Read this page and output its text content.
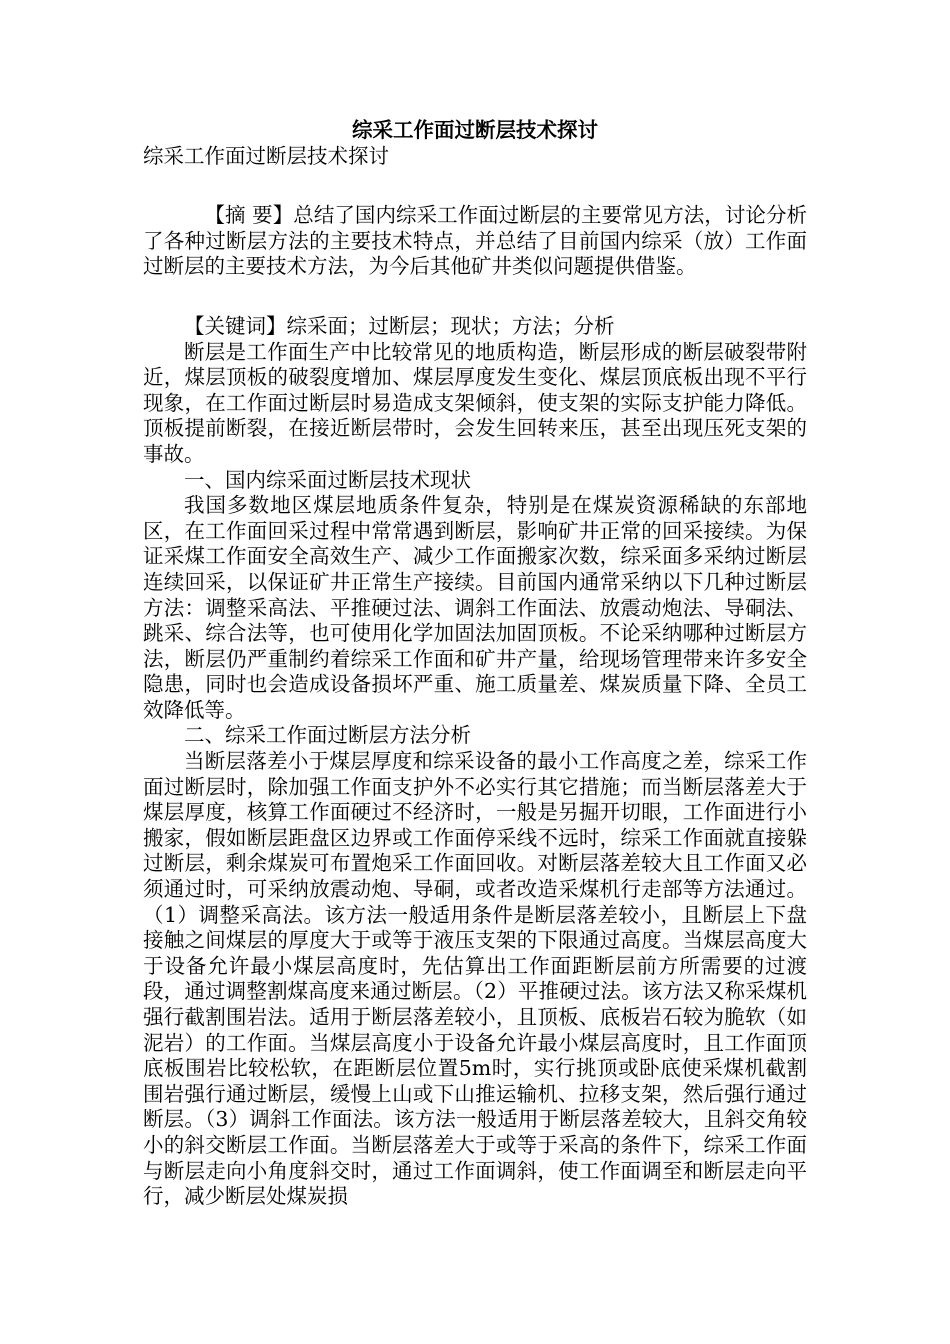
综采工作面过断层技术探讨

综采工作面过断层技术探讨

【摘 要】总结了国内综采工作面过断层的主要常见方法，讨论分析了各种过断层方法的主要技术特点，并总结了目前国内综采（放）工作面过断层的主要技术方法，为今后其他矿井类似问题提供借鉴。

【关键词】综采面；过断层；现状；方法；分析

断层是工作面生产中比较常见的地质构造，断层形成的断层破裂带附近，煤层顶板的破裂度增加、煤层厚度发生变化、煤层顶底板出现不平行现象，在工作面过断层时易造成支架倾斜，使支架的实际支护能力降低。顶板提前断裂，在接近断层带时，会发生回转来压，甚至出现压死支架的事故。

一、国内综采面过断层技术现状

我国多数地区煤层地质条件复杂，特别是在煤炭资源稀缺的东部地区，在工作面回采过程中常常遇到断层，影响矿井正常的回采接续。为保证采煤工作面安全高效生产、减少工作面搬家次数，综采面多采纳过断层连续回采，以保证矿井正常生产接续。目前国内通常采纳以下几种过断层方法：调整采高法、平推硬过法、调斜工作面法、放震动炮法、导硐法、跳采、综合法等，也可使用化学加固法加固顶板。不论采纳哪种过断层方法，断层仍严重制约着综采工作面和矿井产量，给现场管理带来许多安全隐患，同时也会造成设备损坏严重、施工质量差、煤炭质量下降、全员工效降低等。

二、综采工作面过断层方法分析

当断层落差小于煤层厚度和综采设备的最小工作高度之差，综采工作面过断层时，除加强工作面支护外不必实行其它措施；而当断层落差大于煤层厚度，核算工作面硬过不经济时，一般是另掘开切眼，工作面进行小搬家，假如断层距盘区边界或工作面停采线不远时，综采工作面就直接躲过断层，剩余煤炭可布置炮采工作面回收。对断层落差较大且工作面又必须通过时，可采纳放震动炮、导硐，或者改造采煤机行走部等方法通过。（1）调整采高法。该方法一般适用条件是断层落差较小，且断层上下盘接触之间煤层的厚度大于或等于液压支架的下限通过高度。当煤层高度大于设备允许最小煤层高度时，先估算出工作面距断层前方所需要的过渡段，通过调整割煤高度来通过断层。（2）平推硬过法。该方法又称采煤机强行截割围岩法。适用于断层落差较小，且顶板、底板岩石较为脆软（如泥岩）的工作面。当煤层高度小于设备允许最小煤层高度时，且工作面顶底板围岩比较松软，在距断层位置5m时，实行挑顶或卧底使采煤机截割围岩强行通过断层，缓慢上山或下山推运输机、拉移支架，然后强行通过断层。（3）调斜工作面法。该方法一般适用于断层落差较大，且斜交角较小的斜交断层工作面。当断层落差大于或等于采高的条件下，综采工作面与断层走向小角度斜交时，通过工作面调斜，使工作面调至和断层走向平行，减少断层处煤炭损
